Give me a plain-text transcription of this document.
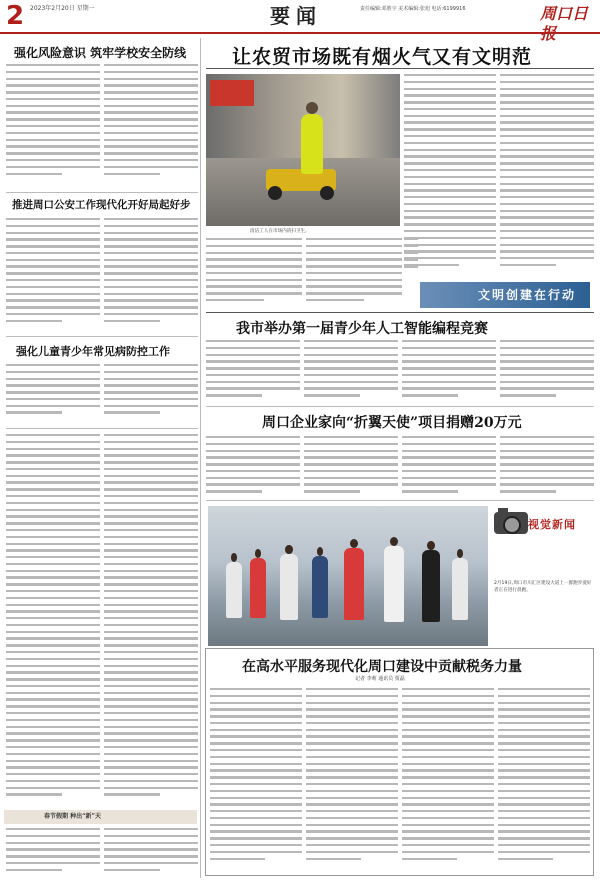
2 2023年2月20日 星期一	要闻	责任编辑:邓胜宇 美术编辑:张旭 电话:6199916	周口日报
强化风险意识 筑牢学校安全防线
推进周口公安工作现代化开好局起好步
强化儿童青少年常见病防控工作
春节假期 种出“新”天
让农贸市场既有烟火气又有文明范
清洁工人在市场内清扫卫生。
文明创建在行动
我市举办第一届青少年人工智能编程竞赛
周口企业家向“折翼天使”项目捐赠20万元
视觉新闻
2月19日,周口市川汇区建设大道上一群跑步爱好者正在进行晨跑。
在高水平服务现代化周口建设中贡献税务力量
记者 李莉 通讯员 贾磊
